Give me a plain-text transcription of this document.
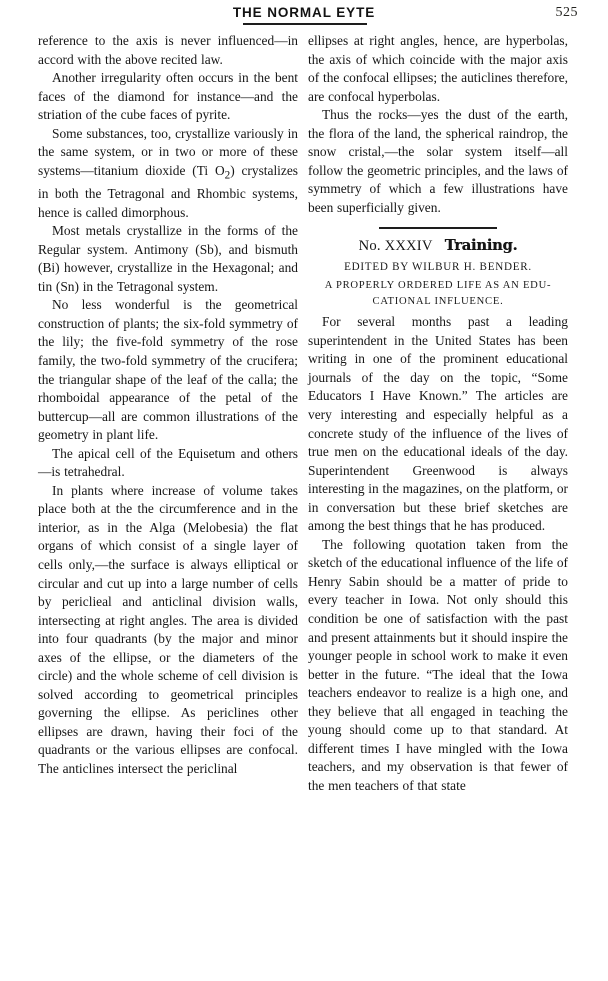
THE NORMAL EYTE	525

reference to the axis is never influenced—in accord with the above recited law.

Another irregularity often occurs in the bent faces of the diamond for instance—and the striation of the cube faces of pyrite.

Some substances, too, crystallize variously in the same system, or in two or more of these systems—titanium dioxide (Ti $O_2$) crystalizes in both the Tetragonal and Rhombic systems, hence is called dimorphous.

Most metals crystallize in the forms of the Regular system. Antimony (Sb), and bismuth (Bi) however, crystallize in the Hexagonal; and tin (Sn) in the Tetragonal system.

No less wonderful is the geometrical construction of plants; the six-fold symmetry of the lily; the five-fold symmetry of the rose family, the two-fold symmetry of the crucifera; the triangular shape of the leaf of the calla; the rhomboidal appearance of the petal of the buttercup—all are common illustrations of the geometry in plant life.

The apical cell of the Equisetum and others—is tetrahedral.

In plants where increase of volume takes place both at the the circumference and in the interior, as in the Alga (Melobesia) the flat organs of which consist of a single layer of cells only,—the surface is always elliptical or circular and cut up into a large number of cells by periclieal and anticlinal division walls, intersecting at right angles. The area is divided into four quadrants (by the major and minor axes of the ellipse, or the diameters of the circle) and the whole scheme of cell division is solved according to geometrical principles governing the ellipse. As periclines other ellipses are drawn, having their foci of the quadrants or the various ellipses are confocal. The anticlines intersect the periclinal

ellipses at right angles, hence, are hyperbolas, the axis of which coincide with the major axis of the confocal ellipses; the auticlines therefore, are confocal hyperbolas.

Thus the rocks—yes the dust of the earth, the flora of the land, the spherical raindrop, the snow cristal,—the solar system itself—all follow the geometric principles, and the laws of symmetry of which a few illustrations have been superficially given.

No. XXXIV Training.
EDITED BY WILBUR H. BENDER.
A PROPERLY ORDERED LIFE AS AN EDU-
CATIONAL INFLUENCE.

For several months past a leading superintendent in the United States has been writing in one of the prominent educational journals of the day on the topic, “Some Educators I Have Known.” The articles are very interesting and especially helpful as a concrete study of the influence of the lives of true men on the educational ideals of the day. Superintendent Greenwood is always interesting in the magazines, on the platform, or in conversation but these brief sketches are among the best things that he has produced.

The following quotation taken from the sketch of the educational influence of the life of Henry Sabin should be a matter of pride to every teacher in Iowa. Not only should this condition be one of satisfaction with the past and present attainments but it should inspire the younger people in school work to make it even better in the future. “The ideal that the Iowa teachers endeavor to realize is a high one, and they believe that all engaged in teaching the young should come up to that standard. At different times I have mingled with the Iowa teachers, and my observation is that fewer of the men teachers of that state
